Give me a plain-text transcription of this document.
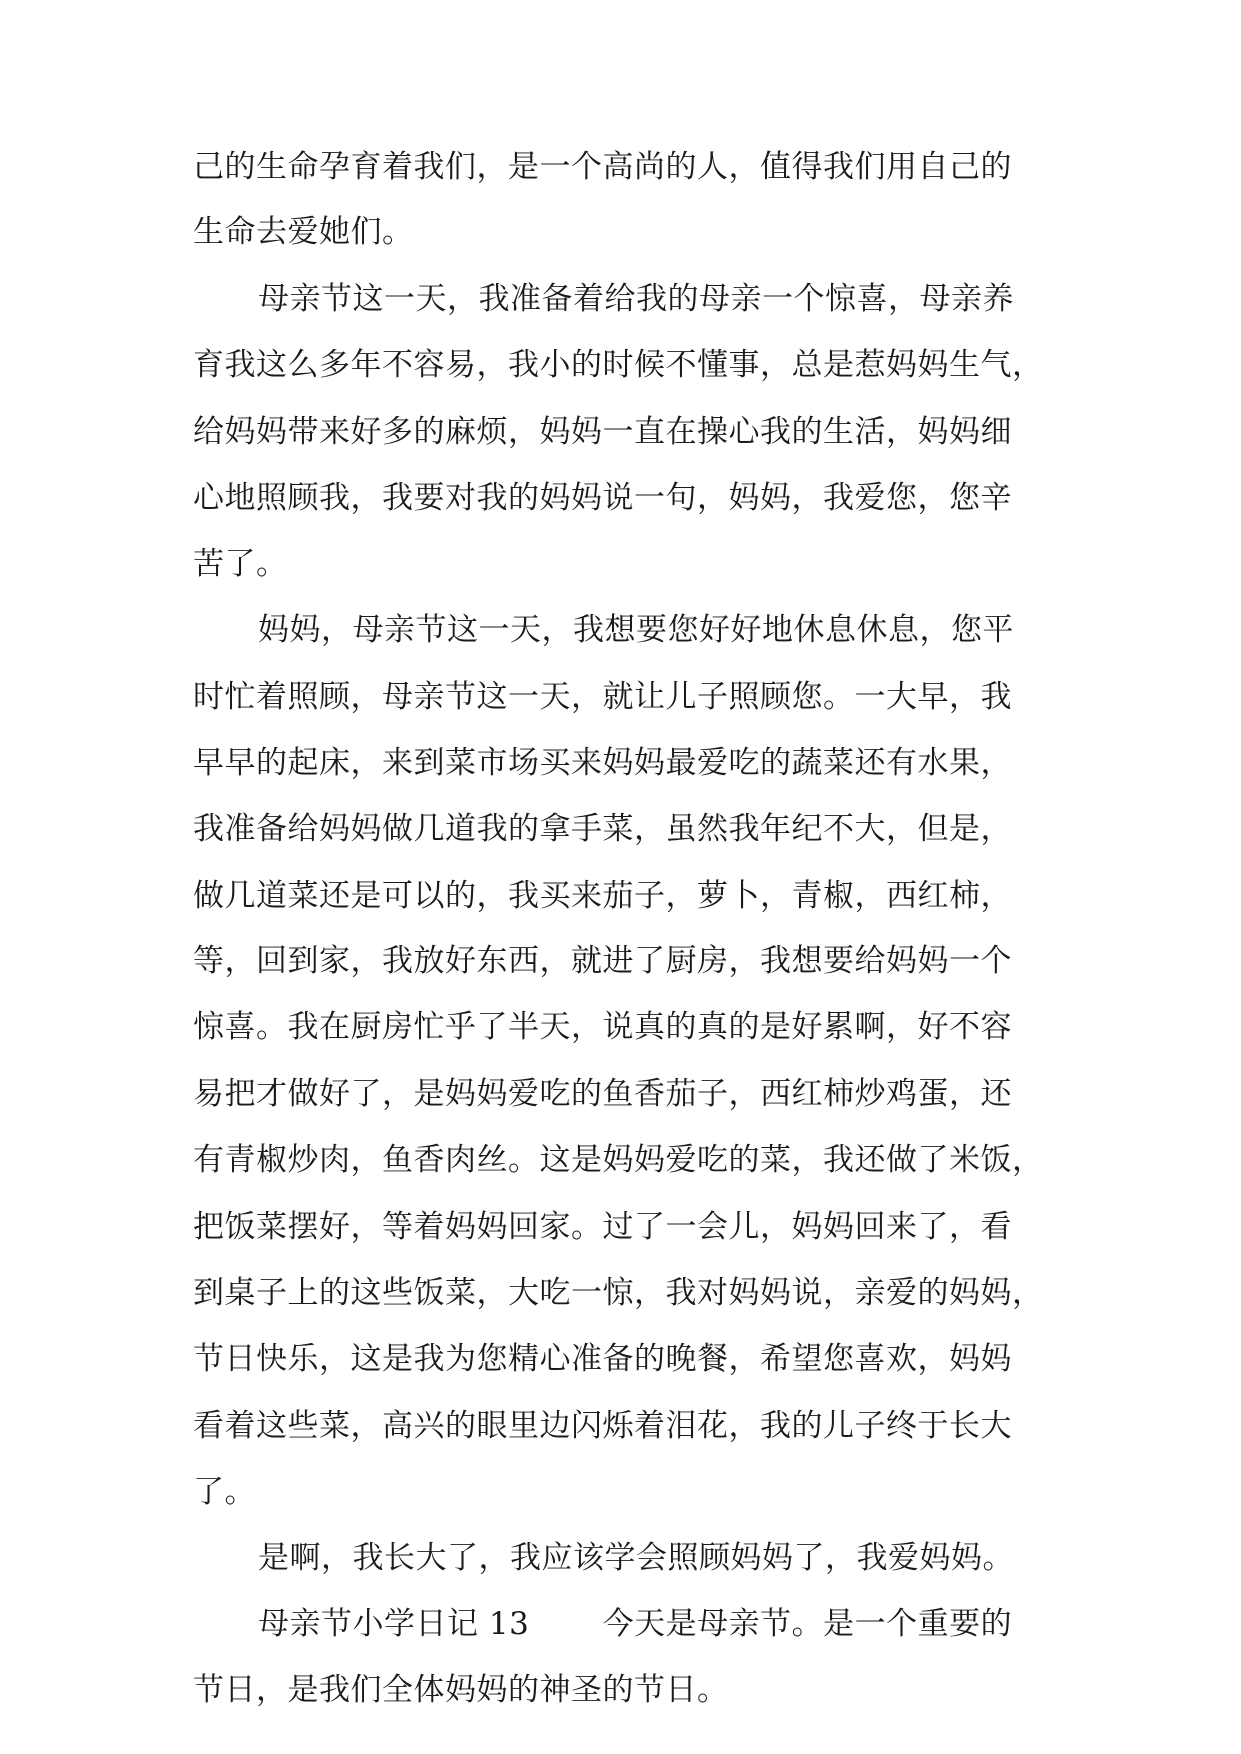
己的生命孕育着我们，是一个高尚的人，值得我们用自己的
生命去爱她们。
母亲节这一天，我准备着给我的母亲一个惊喜，母亲养
育我这么多年不容易，我小的时候不懂事，总是惹妈妈生气，
给妈妈带来好多的麻烦，妈妈一直在操心我的生活，妈妈细
心地照顾我，我要对我的妈妈说一句，妈妈，我爱您，您辛
苦了。
妈妈，母亲节这一天，我想要您好好地休息休息，您平
时忙着照顾，母亲节这一天，就让儿子照顾您。一大早，我
早早的起床，来到菜市场买来妈妈最爱吃的蔬菜还有水果，
我准备给妈妈做几道我的拿手菜，虽然我年纪不大，但是，
做几道菜还是可以的，我买来茄子，萝卜，青椒，西红柿，
等，回到家，我放好东西，就进了厨房，我想要给妈妈一个
惊喜。我在厨房忙乎了半天，说真的真的是好累啊，好不容
易把才做好了，是妈妈爱吃的鱼香茄子，西红柿炒鸡蛋，还
有青椒炒肉，鱼香肉丝。这是妈妈爱吃的菜，我还做了米饭，
把饭菜摆好，等着妈妈回家。过了一会儿，妈妈回来了，看
到桌子上的这些饭菜，大吃一惊，我对妈妈说，亲爱的妈妈，
节日快乐，这是我为您精心准备的晚餐，希望您喜欢，妈妈
看着这些菜，高兴的眼里边闪烁着泪花，我的儿子终于长大
了。
是啊，我长大了，我应该学会照顾妈妈了，我爱妈妈。
母亲节小学日记 13 　　今天是母亲节。是一个重要的
节日，是我们全体妈妈的神圣的节日。
